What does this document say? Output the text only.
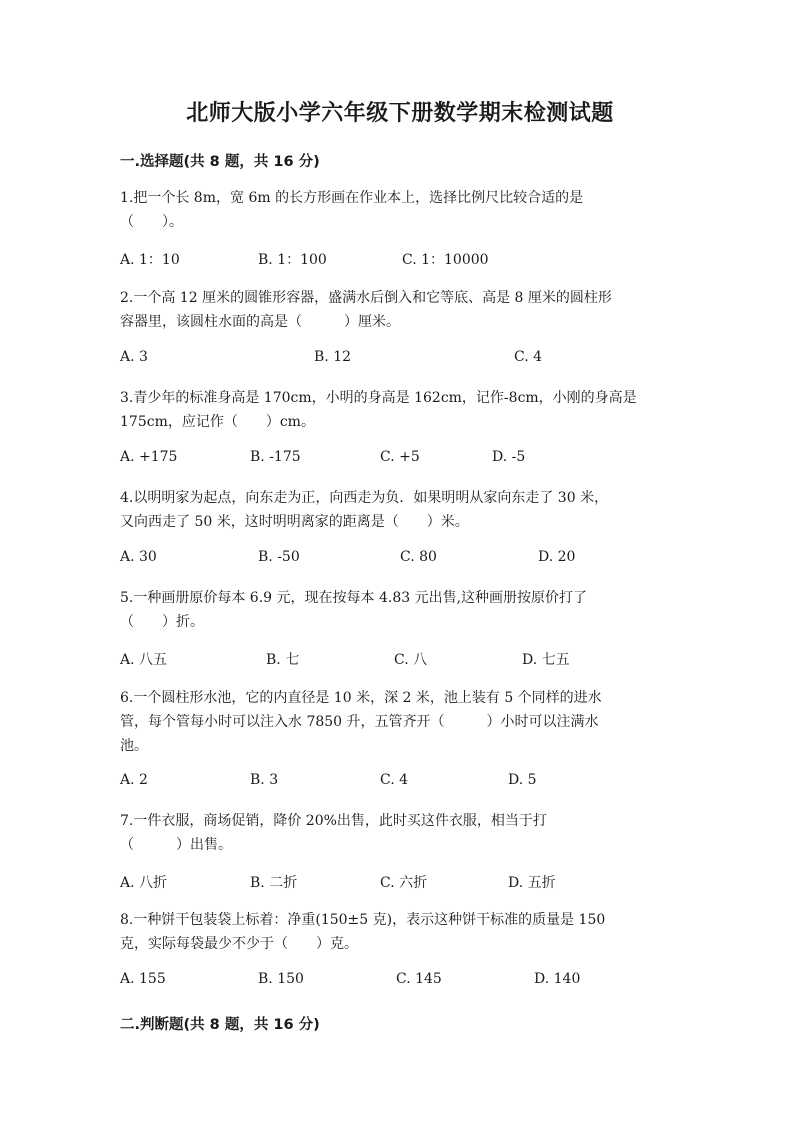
北师大版小学六年级下册数学期末检测试题
一.选择题(共 8 题，共 16 分)
1.把一个长 8m，宽 6m 的长方形画在作业本上，选择比例尺比较合适的是
（　　）。
A. 1：10	B. 1：100	C. 1：10000
2.一个高 12 厘米的圆锥形容器，盛满水后倒入和它等底、高是 8 厘米的圆柱形
容器里，该圆柱水面的高是（　　　）厘米。
A. 3	B. 12	C. 4
3.青少年的标准身高是 170cm，小明的身高是 162cm，记作-8cm，小刚的身高是
175cm，应记作（　　）cm。
A. +175	B. -175	C. +5	D. -5
4.以明明家为起点，向东走为正，向西走为负．如果明明从家向东走了 30 米，
又向西走了 50 米，这时明明离家的距离是（　　）米。
A. 30	B. -50	C. 80	D. 20
5.一种画册原价每本 6.9 元，现在按每本 4.83 元出售,这种画册按原价打了
（　　）折。
A. 八五	B. 七	C. 八	D. 七五
6.一个圆柱形水池，它的内直径是 10 米，深 2 米，池上装有 5 个同样的进水
管，每个管每小时可以注入水 7850 升，五管齐开（　　　）小时可以注满水
池。
A. 2	B. 3	C. 4	D. 5
7.一件衣服，商场促销，降价 20%出售，此时买这件衣服，相当于打
（　　　）出售。
A. 八折	B. 二折	C. 六折	D. 五折
8.一种饼干包装袋上标着：净重(150±5 克)，表示这种饼干标准的质量是 150
克，实际每袋最少不少于（　　）克。
A. 155	B. 150	C. 145	D. 140
二.判断题(共 8 题，共 16 分)
